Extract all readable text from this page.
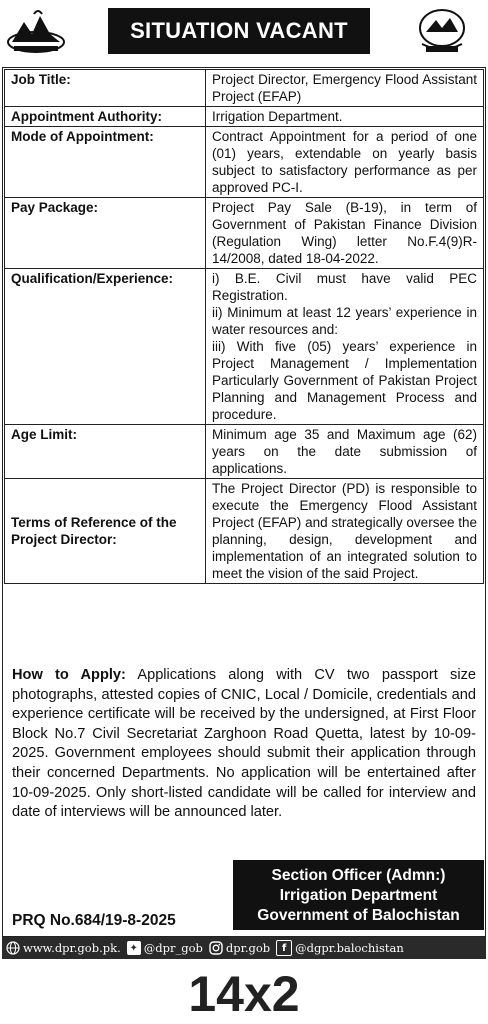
SITUATION VACANT
Job Title:	Project Director, Emergency Flood Assistant Project (EFAP)
Appointment Authority:	Irrigation Department.
Mode of Appointment:	Contract Appointment for a period of one (01) years, extendable on yearly basis subject to satisfactory performance as per approved PC-I.
Pay Package:	Project Pay Sale (B-19), in term of Government of Pakistan Finance Division (Regulation Wing) letter No.F.4(9)R-14/2008, dated 18-04-2022.
Qualification/Experience:	i) B.E. Civil must have valid PEC Registration.
ii) Minimum at least 12 years’ experience in water resources and:
iii) With five (05) years’ experience in Project Management / Implementation Particularly Government of Pakistan Project Planning and Management Process and procedure.

Age Limit:	Minimum age 35 and Maximum age (62) years on the date submission of applications.
Terms of Reference of the Project Director:	The Project Director (PD) is responsible to execute the Emergency Flood Assistant Project (EFAP) and strategically oversee the planning, design, development and implementation of an integrated solution to meet the vision of the said Project.
How to Apply: Applications along with CV two passport size photographs, attested copies of CNIC, Local / Domicile, credentials and experience certificate will be received by the undersigned, at First Floor Block No.7 Civil Secretariat Zarghoon Road Quetta, latest by 10-09-2025. Government employees should submit their application through their concerned Departments. No application will be entertained after 10-09-2025. Only short-listed candidate will be called for interview and date of interviews will be announced later.
Section Officer (Admn:)
Irrigation Department
Government of Balochistan
PRQ No.684/19-8-2025
www.dpr.gob.pk. ✦ @dpr_gob dpr.gob	f @dgpr.balochistan
14x2
